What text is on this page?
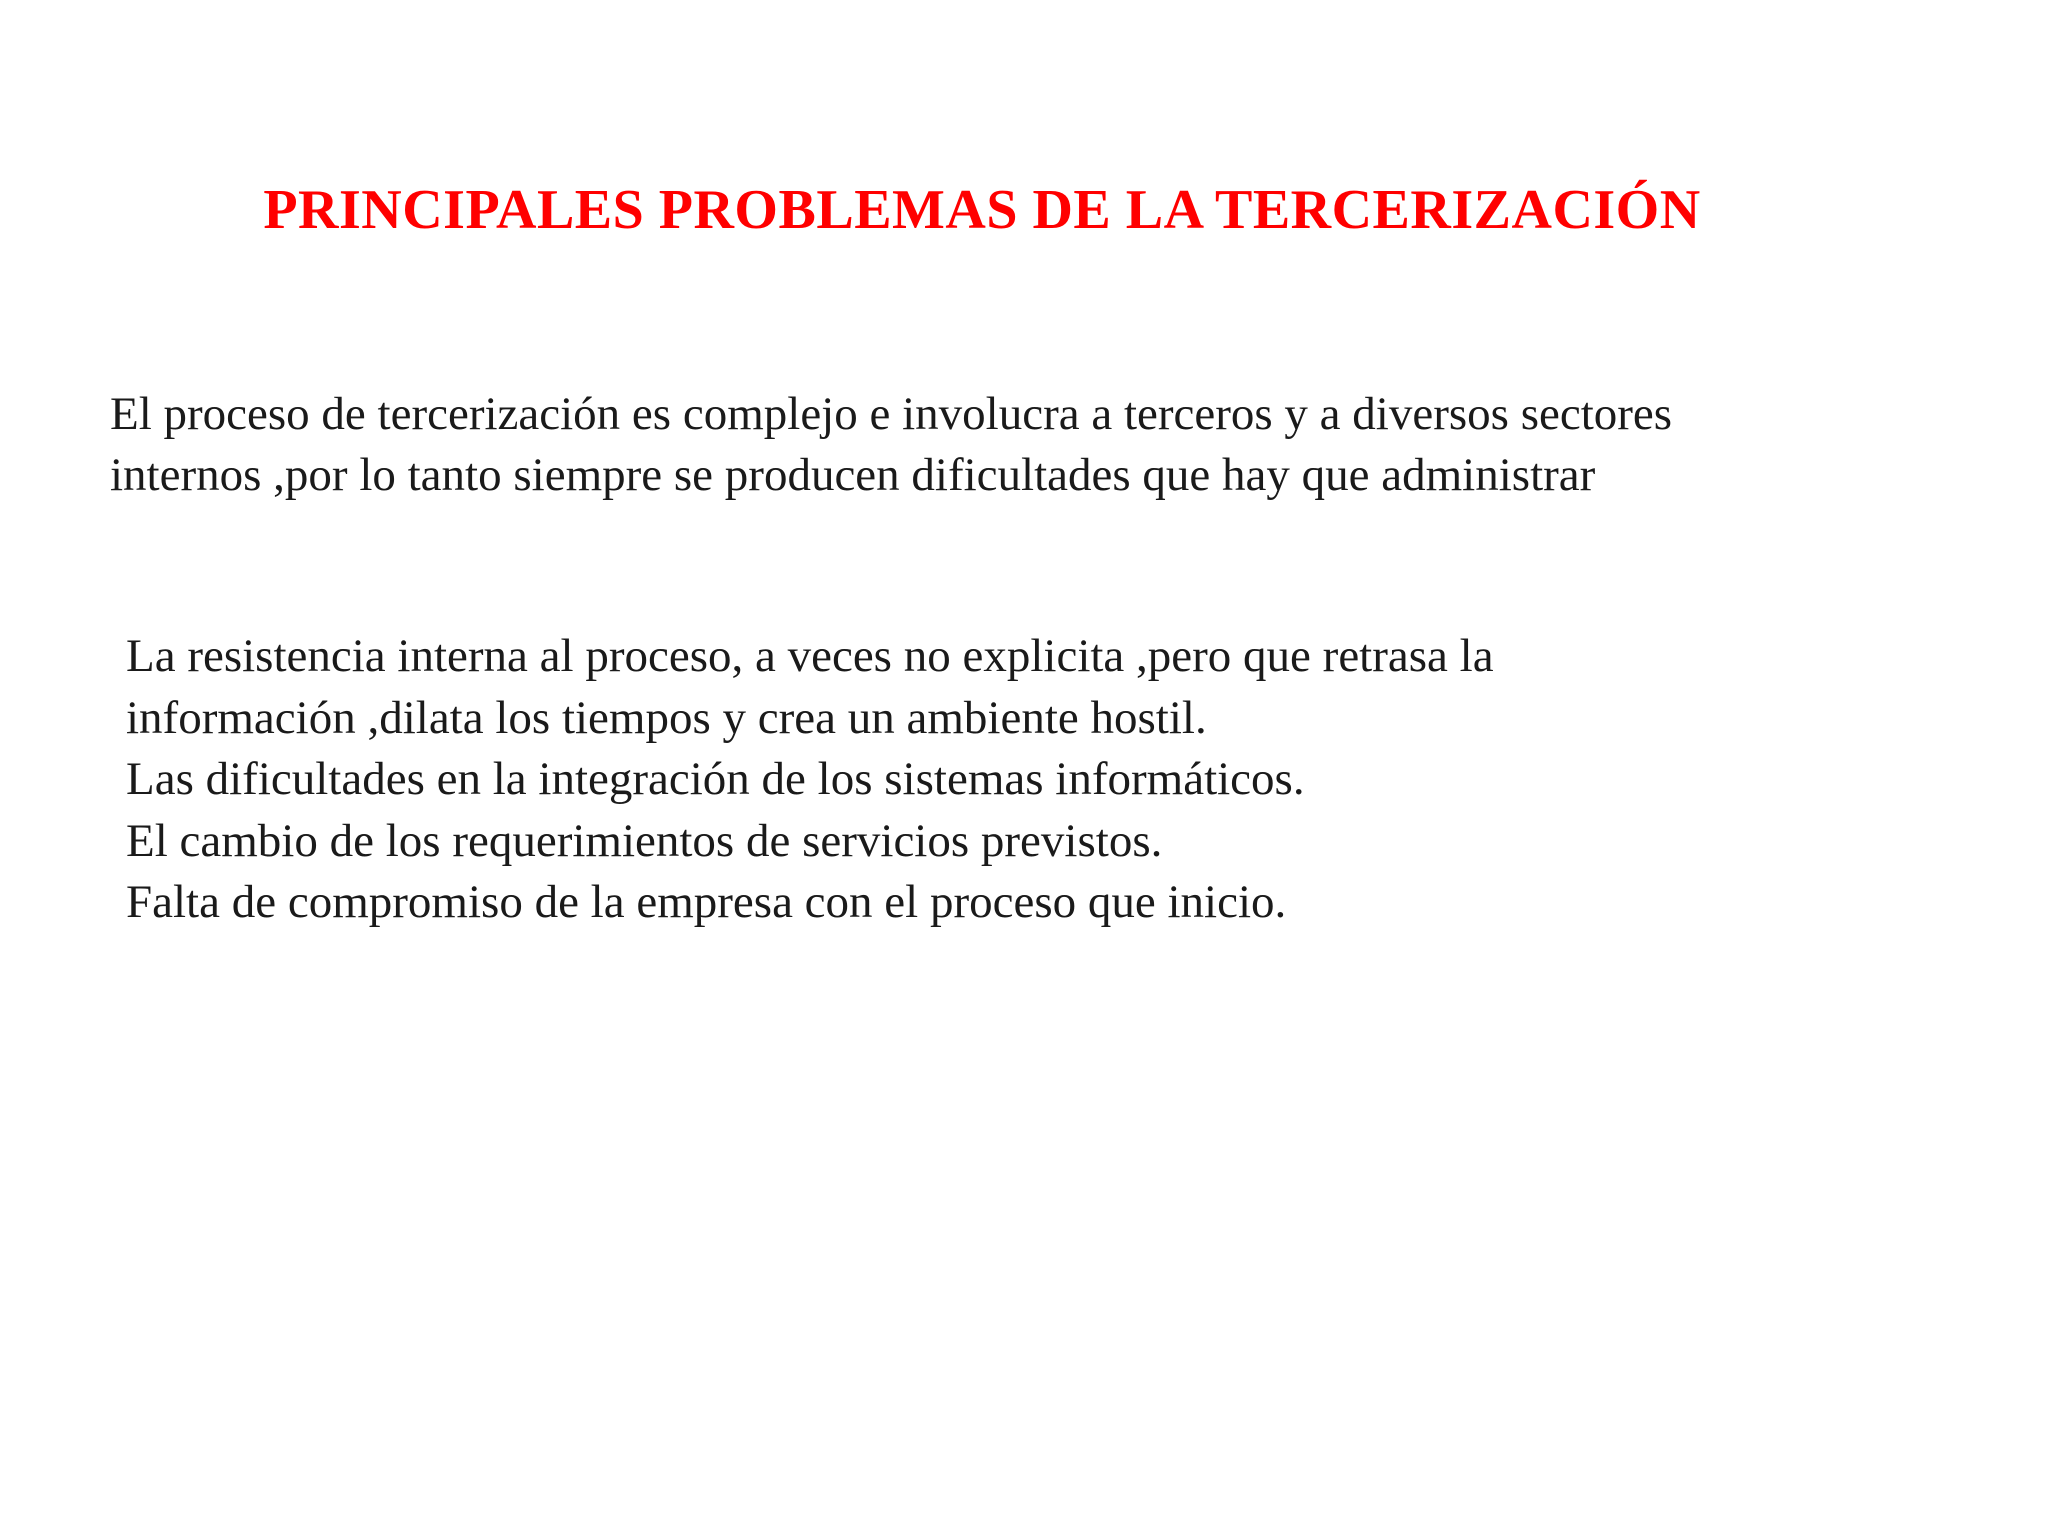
PRINCIPALES PROBLEMAS DE LA TERCERIZACIÓN

El proceso de tercerización es complejo e involucra a terceros y a diversos sectores
internos ,por lo tanto siempre se producen dificultades que hay que administrar

La resistencia interna al proceso, a veces no explicita ,pero que retrasa la
información ,dilata los tiempos y crea un ambiente hostil.
Las dificultades en la integración de los sistemas informáticos.
El cambio de los requerimientos de servicios previstos.
Falta de compromiso de la empresa con el proceso que inicio.
